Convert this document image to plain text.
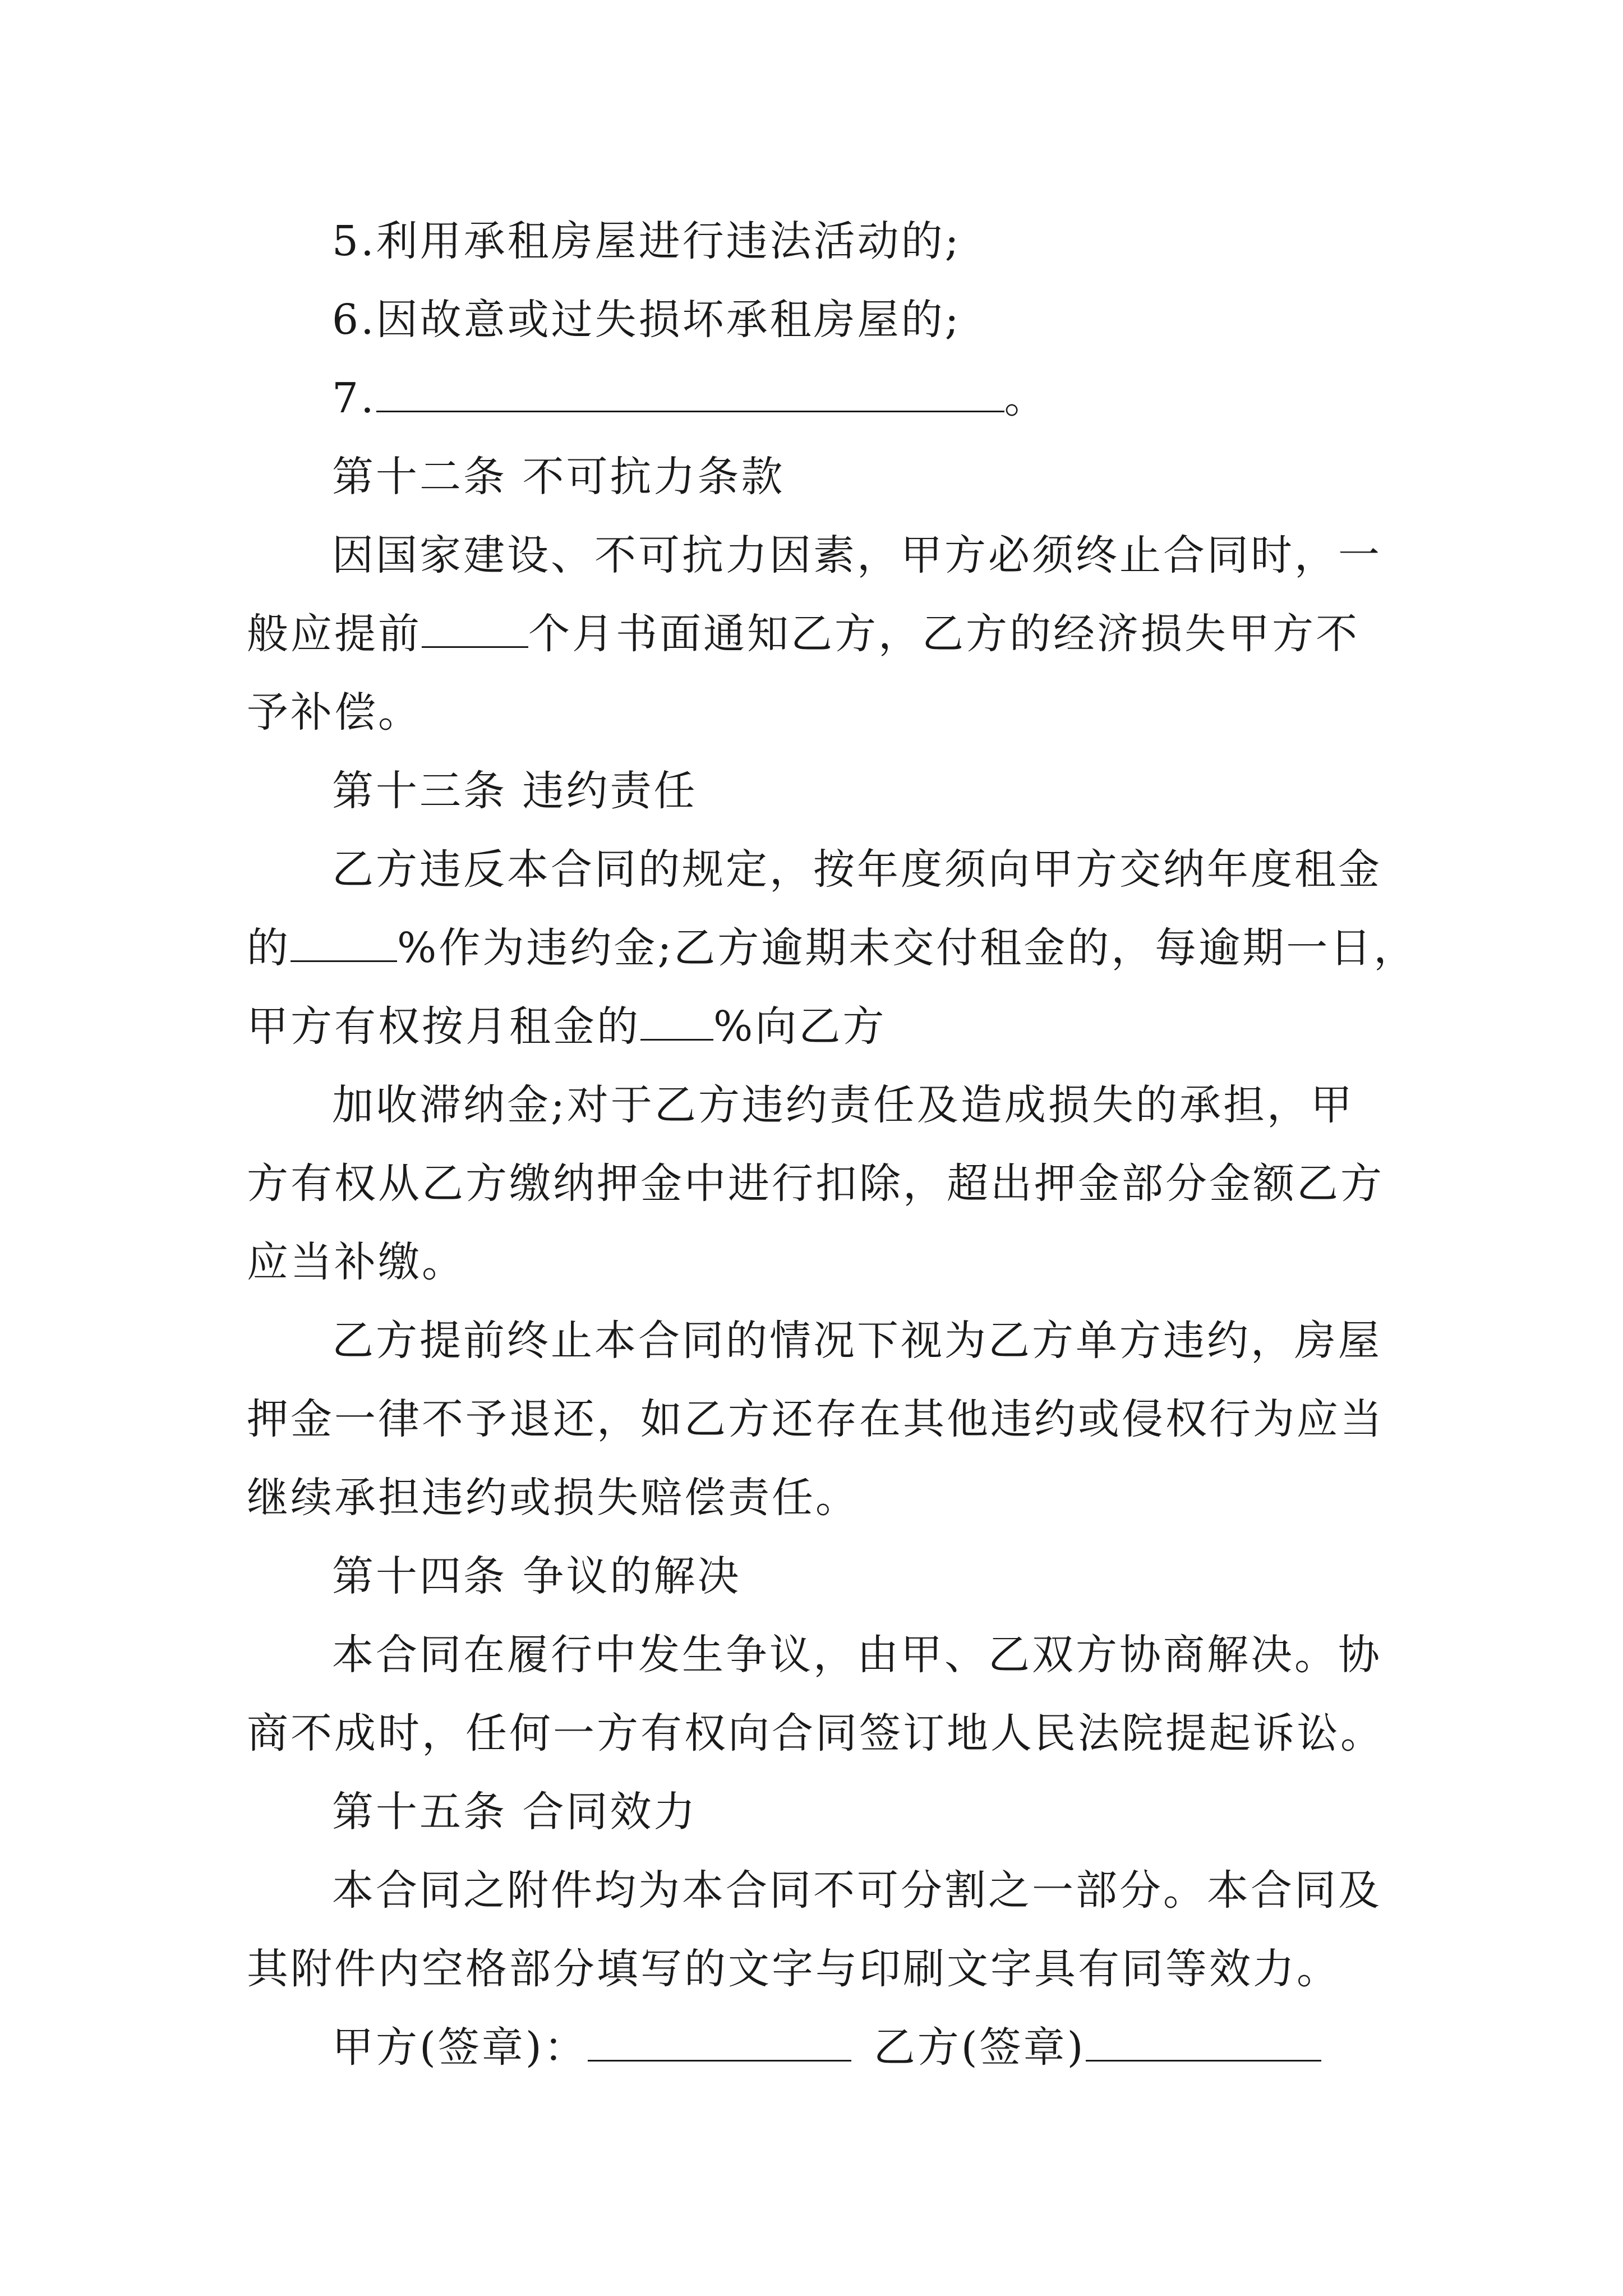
5.利用承租房屋进行违法活动的;
6.因故意或过失损坏承租房屋的;
7.	。
第十二条 不可抗力条款
因国家建设、不可抗力因素，甲方必须终止合同时，一
般应提前	个月书面通知乙方，乙方的经济损失甲方不
予补偿。
第十三条 违约责任
乙方违反本合同的规定，按年度须向甲方交纳年度租金
的	%作为违约金;乙方逾期未交付租金的，每逾期一日，
甲方有权按月租金的 %向乙方
加收滞纳金;对于乙方违约责任及造成损失的承担，甲
方有权从乙方缴纳押金中进行扣除，超出押金部分金额乙方
应当补缴。
乙方提前终止本合同的情况下视为乙方单方违约，房屋
押金一律不予退还，如乙方还存在其他违约或侵权行为应当
继续承担违约或损失赔偿责任。
第十四条 争议的解决
本合同在履行中发生争议，由甲、乙双方协商解决。协
商不成时，任何一方有权向合同签订地人民法院提起诉讼。
第十五条 合同效力
本合同之附件均为本合同不可分割之一部分。本合同及
其附件内空格部分填写的文字与印刷文字具有同等效力。
甲方(签章)：	乙方(签章)
